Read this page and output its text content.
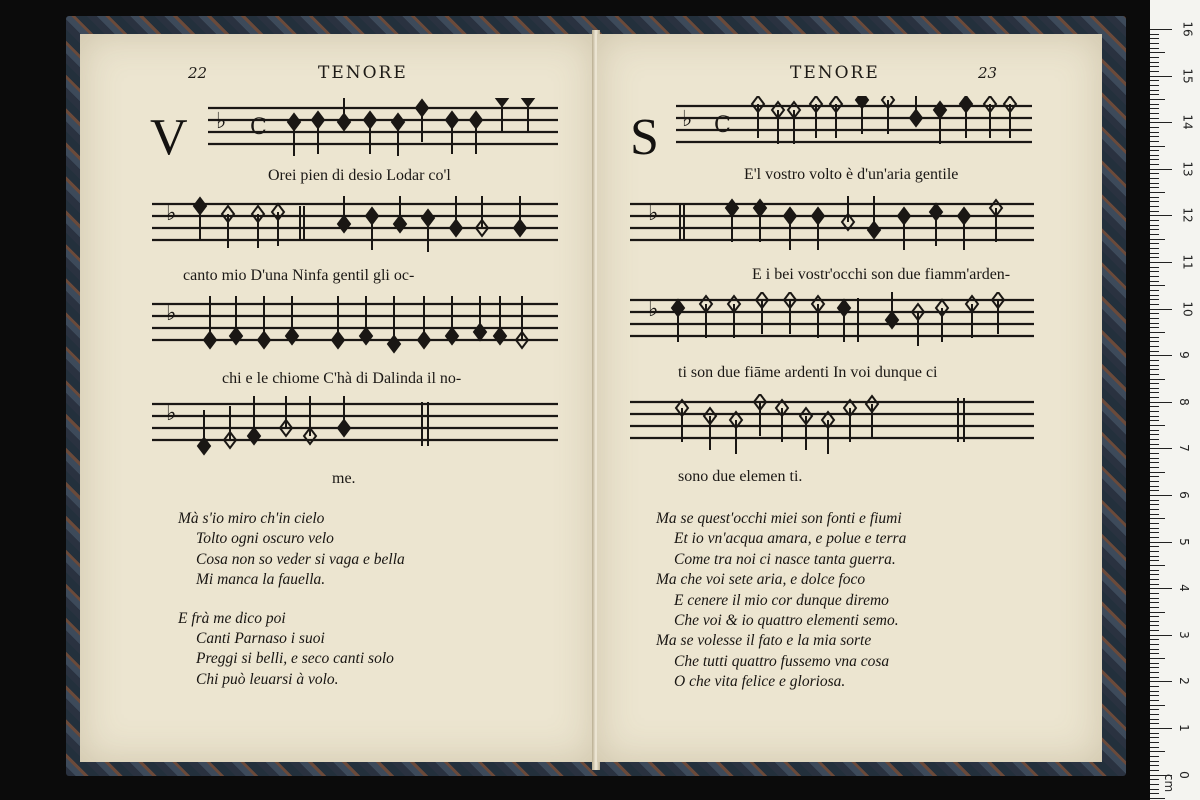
22	TENORE
V ♭ C
Orei pien di desio Lodar co'l
♭
canto mio D'una Ninfa gentil gli oc-
♭
chi e le chiome C'hà di Dalinda il no-
♭
me.
Mà s'io miro ch'in cielo
Tolto ogni oscuro velo
Cosa non so veder si vaga e bella
Mi manca la fauella.
E frà me dico poi
Canti Parnaso i suoi
Preggi si belli, e seco canti solo
Chi può leuarsi à volo.
TENORE	23
S ♭ C
E'l vostro volto è d'un'aria gentile
♭
E i bei vostr'occhi son due fiamm'arden-
♭
ti son due fiāme ardenti In voi dunque ci
sono due elemen ti.
Ma se quest'occhi miei son fonti e fiumi
Et io vn'acqua amara, e polue e terra
Come tra noi ci nasce tanta guerra.
Ma che voi sete aria, e dolce foco
E cenere il mio cor dunque diremo
Che voi & io quattro elementi semo.
Ma se volesse il fato e la mia sorte
Che tutti quattro fussemo vna cosa
O che vita felice e gloriosa.
16
15
14
13
12
11
10
9
8
7
6
5
4
3
2
1
0
cm
